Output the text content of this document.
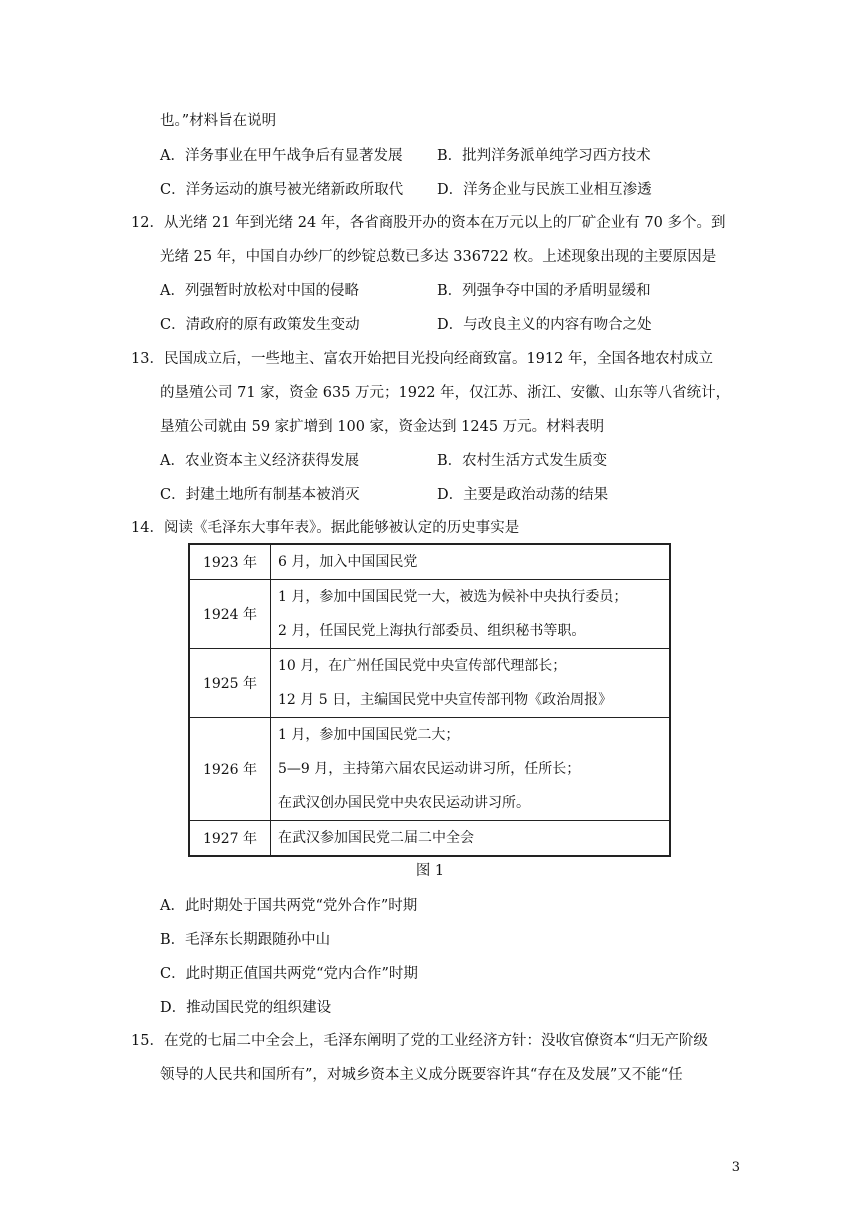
也。”材料旨在说明
A．洋务事业在甲午战争后有显著发展 B．批判洋务派单纯学习西方技术
C．洋务运动的旗号被光绪新政所取代 D．洋务企业与民族工业相互渗透
12．从光绪 21 年到光绪 24 年，各省商股开办的资本在万元以上的厂矿企业有 70 多个。到
光绪 25 年，中国自办纱厂的纱锭总数已多达 336722 枚。上述现象出现的主要原因是
A．列强暂时放松对中国的侵略	B．列强争夺中国的矛盾明显缓和
C．清政府的原有政策发生变动	D．与改良主义的内容有吻合之处
13．民国成立后，一些地主、富农开始把目光投向经商致富。1912 年，全国各地农村成立
的垦殖公司 71 家，资金 635 万元；1922 年，仅江苏、浙江、安徽、山东等八省统计，
垦殖公司就由 59 家扩增到 100 家，资金达到 1245 万元。材料表明
A．农业资本主义经济获得发展	B．农村生活方式发生质变
C．封建土地所有制基本被消灭	D．主要是政治动荡的结果
14．阅读《毛泽东大事年表》。据此能够被认定的历史事实是
1923 年	6 月，加入中国国民党

1924 年	1 月，参加中国国民党一大，被选为候补中央执行委员；
2 月，任国民党上海执行部委员、组织秘书等职。

1925 年	10 月，在广州任国民党中央宣传部代理部长；
12 月 5 日，主编国民党中央宣传部刊物《政治周报》

1926 年	1 月，参加中国国民党二大；
5—9 月，主持第六届农民运动讲习所，任所长；
在武汉创办国民党中央农民运动讲习所。

1927 年	在武汉参加国民党二届二中全会
图 1
A．此时期处于国共两党“党外合作”时期
B．毛泽东长期跟随孙中山
C．此时期正值国共两党“党内合作”时期
D．推动国民党的组织建设
15．在党的七届二中全会上，毛泽东阐明了党的工业经济方针：没收官僚资本“归无产阶级
领导的人民共和国所有”，对城乡资本主义成分既要容许其“存在及发展”又不能“任
3
